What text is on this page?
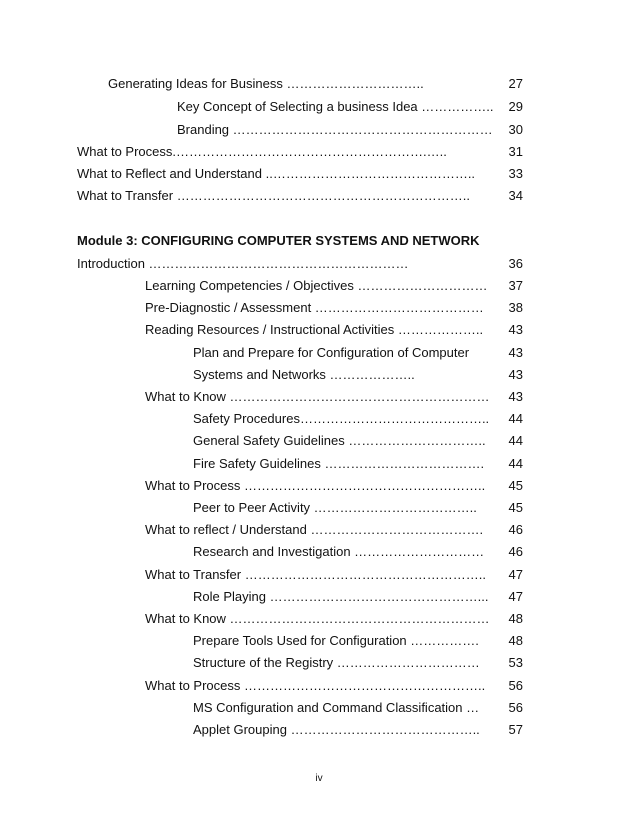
Generating Ideas for Business …………………………..	27
Key Concept of Selecting a business Idea …………….. 29
Branding …………………………………………………… 30
What to Process.………………………………………………….…..	31
What to Reflect and Understand ..………………………………………..	33
What to Transfer …………………………………………………………..	34
Module 3: CONFIGURING COMPUTER SYSTEMS AND NETWORK
Introduction ……………………………………………………	36
Learning Competencies / Objectives ………………………… 37
Pre-Diagnostic / Assessment ………………………………… 38
Reading Resources / Instructional Activities ……………….. 43
Plan and Prepare for Configuration of Computer	43
Systems and Networks ………………..	43
What to Know …………………………………………………… 43
Safety Procedures…………………………………….. 44
General Safety Guidelines ………………………….. 44
Fire Safety Guidelines ………………………………. 44
What to Process ……………………………………………….. 45
Peer to Peer Activity ……………………………….. 45
What to reflect / Understand …………………………………. 46
Research and Investigation ………………………… 46
What to Transfer ……………………………………………….. 47
Role Playing …………………………………………... 47
What to Know …………………………………………………… 48
Prepare Tools Used for Configuration ……………. 48
Structure of the Registry …………………………… 53
What to Process ……………………………………………….. 56
MS Configuration and Command Classification … 56
Applet Grouping …………………………………….. 57
iv
